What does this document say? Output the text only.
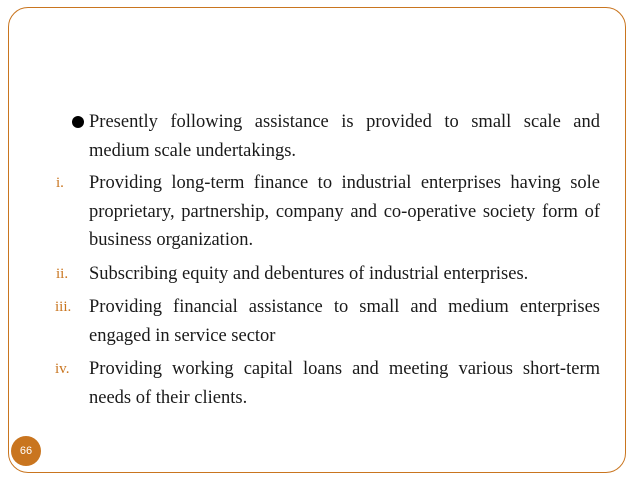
Presently following assistance is provided to small scale and medium scale undertakings.
i. Providing long-term finance to industrial enterprises having sole proprietary, partnership, company and co-operative society form of business organization.
ii. Subscribing equity and debentures of industrial enterprises.
iii. Providing financial assistance to small and medium enterprises engaged in service sector
iv. Providing working capital loans and meeting various short-term needs of their clients.
66
